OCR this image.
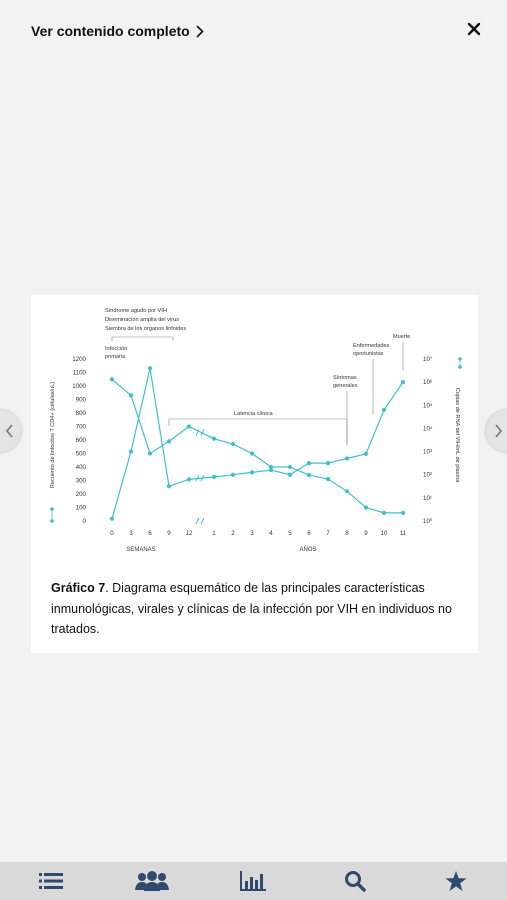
Ver contenido completo
0
100
200
300
400
500
600
700
800
900
1000
1100
1200
10⁰
10¹
10²
10³
10⁴
10⁵
10⁶
10⁷
0	3	6	9 12	1	2	3	4	5	6	7	8	9 10 11
SEMANAS	AÑOS
Recuento de linfocitos T CD4+ (células/uL)	Copias de RNA del VIH/mL de plasma
Síndrome agudo por VIH
Diseminación amplia del virus
Siembra de los órganos linfoides
Infección
primaria
Latencia clínica
Síntomas
generales
Enfermedades
oportunistas
Muerte
Gráfico 7. Diagrama esquemático de las principales características inmunológicas, virales y clínicas de la infección por VIH en individuos no tratados.
